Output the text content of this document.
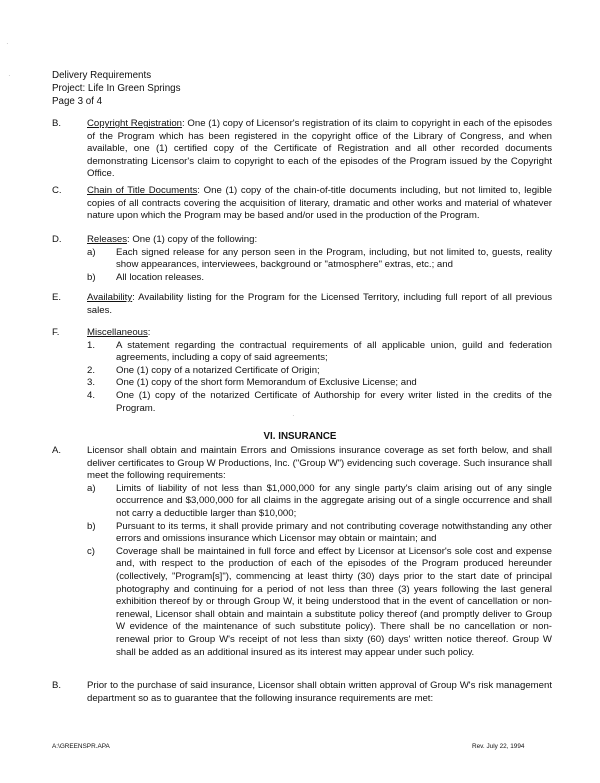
Delivery Requirements
Project: Life In Green Springs
Page 3 of 4
B.	Copyright Registration: One (1) copy of Licensor's registration of its claim to copyright in each of the episodes of the Program which has been registered in the copyright office of the Library of Congress, and when available, one (1) certified copy of the Certificate of Registration and all other recorded documents demonstrating Licensor's claim to copyright to each of the episodes of the Program issued by the Copyright Office.
C.	Chain of Title Documents: One (1) copy of the chain-of-title documents including, but not limited to, legible copies of all contracts covering the acquisition of literary, dramatic and other works and material of whatever nature upon which the Program may be based and/or used in the production of the Program.
D.	Releases: One (1) copy of the following:
a)	Each signed release for any person seen in the Program, including, but not limited to, guests, reality show appearances, interviewees, background or "atmosphere" extras, etc.; and
b)	All location releases.
E.	Availability: Availability listing for the Program for the Licensed Territory, including full report of all previous sales.
F.	Miscellaneous:
1.	A statement regarding the contractual requirements of all applicable union, guild and federation agreements, including a copy of said agreements;
2.	One (1) copy of a notarized Certificate of Origin;
3.	One (1) copy of the short form Memorandum of Exclusive License; and
4.	One (1) copy of the notarized Certificate of Authorship for every writer listed in the credits of the Program.
VI. INSURANCE
A.	Licensor shall obtain and maintain Errors and Omissions insurance coverage as set forth below, and shall deliver certificates to Group W Productions, Inc. ("Group W") evidencing such coverage. Such insurance shall meet the following requirements:
a)	Limits of liability of not less than $1,000,000 for any single party's claim arising out of any single occurrence and $3,000,000 for all claims in the aggregate arising out of a single occurrence and shall not carry a deductible larger than $10,000;
b)	Pursuant to its terms, it shall provide primary and not contributing coverage notwithstanding any other errors and omissions insurance which Licensor may obtain or maintain; and
c)	Coverage shall be maintained in full force and effect by Licensor at Licensor's sole cost and expense and, with respect to the production of each of the episodes of the Program produced hereunder (collectively, "Program[s]"), commencing at least thirty (30) days prior to the start date of principal photography and continuing for a period of not less than three (3) years following the last general exhibition thereof by or through Group W, it being understood that in the event of cancellation or non-renewal, Licensor shall obtain and maintain a substitute policy thereof (and promptly deliver to Group W evidence of the maintenance of such substitute policy). There shall be no cancellation or non-renewal prior to Group W's receipt of not less than sixty (60) days' written notice thereof. Group W shall be added as an additional insured as its interest may appear under such policy.
B.	Prior to the purchase of said insurance, Licensor shall obtain written approval of Group W's risk management department so as to guarantee that the following insurance requirements are met:
A:\GREENSPR.APA	Rev. July 22, 1994
·
·
·
